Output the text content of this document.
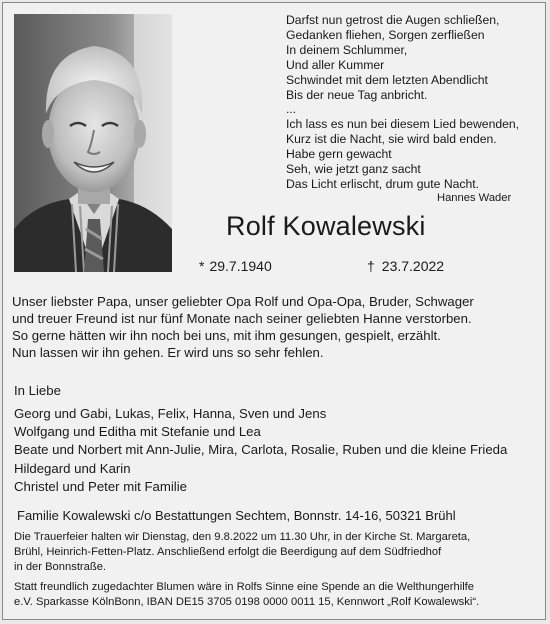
Darfst nun getrost die Augen schließen,
Gedanken fliehen, Sorgen zerfließen
In deinem Schlummer,
Und aller Kummer
Schwindet mit dem letzten Abendlicht
Bis der neue Tag anbricht.
...
Ich lass es nun bei diesem Lied bewenden,
Kurz ist die Nacht, sie wird bald enden.
Habe gern gewacht
Seh, wie jetzt ganz sacht
Das Licht erlischt, drum gute Nacht.
Hannes Wader
Rolf Kowalewski
* 29.7.1940	† 23.7.2022
Unser liebster Papa, unser geliebter Opa Rolf und Opa-Opa, Bruder, Schwager
und treuer Freund ist nur fünf Monate nach seiner geliebten Hanne verstorben.
So gerne hätten wir ihn noch bei uns, mit ihm gesungen, gespielt, erzählt.
Nun lassen wir ihn gehen. Er wird uns so sehr fehlen.
In Liebe
Georg und Gabi, Lukas, Felix, Hanna, Sven und Jens
Wolfgang und Editha mit Stefanie und Lea
Beate und Norbert mit Ann-Julie, Mira, Carlota, Rosalie, Ruben und die kleine Frieda
Hildegard und Karin
Christel und Peter mit Familie
Familie Kowalewski c/o Bestattungen Sechtem, Bonnstr. 14-16, 50321 Brühl
Die Trauerfeier halten wir Dienstag, den 9.8.2022 um 11.30 Uhr, in der Kirche St. Margareta,
Brühl, Heinrich-Fetten-Platz. Anschließend erfolgt die Beerdigung auf dem Südfriedhof
in der Bonnstraße.
Statt freundlich zugedachter Blumen wäre in Rolfs Sinne eine Spende an die Welthungerhilfe
e.V. Sparkasse KölnBonn, IBAN DE15 3705 0198 0000 0011 15, Kennwort „Rolf Kowalewski“.
